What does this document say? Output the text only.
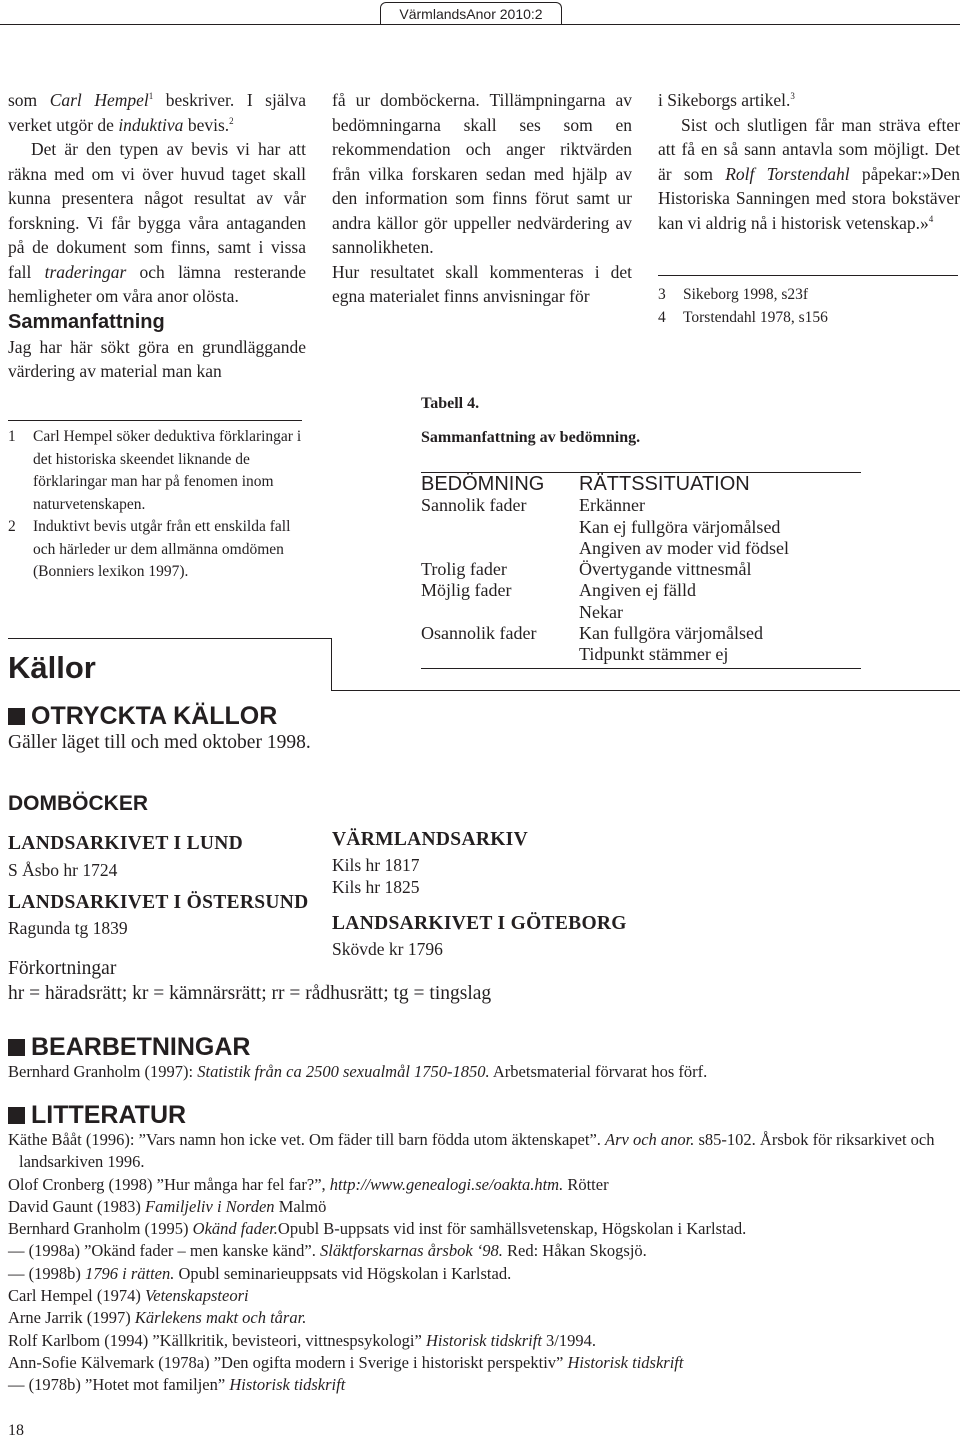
VärmlandsAnor 2010:2

som Carl Hempel$^1$ beskriver. I själva verket utgör de induktiva bevis.$^2$

Det är den typen av bevis vi har att räkna med om vi över huvud taget skall kunna presentera något resultat av vår forskning. Vi får bygga våra antaganden på de dokument som finns, samt i vissa fall traderingar och lämna resterande hemligheter om våra anor olösta.

Sammanfattning

Jag har här sökt göra en grundläggande värdering av material man kan

1	Carl Hempel söker deduktiva förklaringar i det historiska skeendet liknande de förklaringar man har på fenomen inom naturvetenskapen.
2	Induktivt bevis utgår från ett enskilda fall och härleder ur dem allmänna omdömen (Bonniers lexikon 1997).

få ur domböckerna. Tillämpningarna av bedömningarna skall ses som en rekommendation och anger riktvärden från vilka forskaren sedan med hjälp av den information som finns förut samt ur andra källor gör uppeller nedvärdering av sannolikheten.

Hur resultatet skall kommenteras i det egna materialet finns anvisningar för

i Sikeborgs artikel.$^3$

Sist och slutligen får man sträva efter att få en så sann antavla som möjligt. Det är som Rolf Torstendahl påpekar:»Den Historiska Sanningen med stora bokstäver kan vi aldrig nå i historisk vetenskap.»$^4$

3	Sikeborg 1998, s23f
4	Torstendahl 1978, s156
Tabell 4.
Sammanfattning av bedömning.
BEDÖMNING	RÄTTSSITUATION
Sannolik fader	Erkänner
Kan ej fullgöra värjomålsed
Angiven av moder vid födsel
Trolig fader	Övertygande vittnesmål
Möjlig fader	Angiven ej fälld
Nekar
Osannolik fader	Kan fullgöra värjomålsed
Tidpunkt stämmer ej
Källor
OTRYCKTA KÄLLOR
Gäller läget till och med oktober 1998.
DOMBÖCKER
LANDSARKIVET I LUND
S Åsbo hr 1724
LANDSARKIVET I ÖSTERSUND
Ragunda tg 1839
VÄRMLANDSARKIV
Kils hr 1817
Kils hr 1825
LANDSARKIVET I GÖTEBORG
Skövde kr 1796
Förkortningar
hr = häradsrätt; kr = kämnärsrätt; rr = rådhusrätt; tg = tingslag
BEARBETNINGAR
Bernhard Granholm (1997): Statistik från ca 2500 sexualmål 1750-1850. Arbetsmaterial förvarat hos förf.
LITTERATUR

Käthe Bååt (1996): ”Vars namn hon icke vet. Om fäder till barn födda utom äktenskapet”. Arv och anor. s85-102. Årsbok för riksarkivet och landsarkiven 1996.

Olof Cronberg (1998) ”Hur många har fel far?”, http://www.genealogi.se/oakta.htm. Rötter

David Gaunt (1983) Familjeliv i Norden Malmö

Bernhard Granholm (1995) Okänd fader.Opubl B-uppsats vid inst för samhällsvetenskap, Högskolan i Karlstad.

— (1998a) ”Okänd fader – men kanske känd”. Släktforskarnas årsbok ‘98. Red: Håkan Skogsjö.

— (1998b) 1796 i rätten. Opubl seminarieuppsats vid Högskolan i Karlstad.

Carl Hempel (1974) Vetenskapsteori

Arne Jarrik (1997) Kärlekens makt och tårar.

Rolf Karlbom (1994) ”Källkritik, bevisteori, vittnespsykologi” Historisk tidskrift 3/1994.

Ann-Sofie Kälvemark (1978a) ”Den ogifta modern i Sverige i historiskt perspektiv” Historisk tidskrift

— (1978b) ”Hotet mot familjen” Historisk tidskrift

18
